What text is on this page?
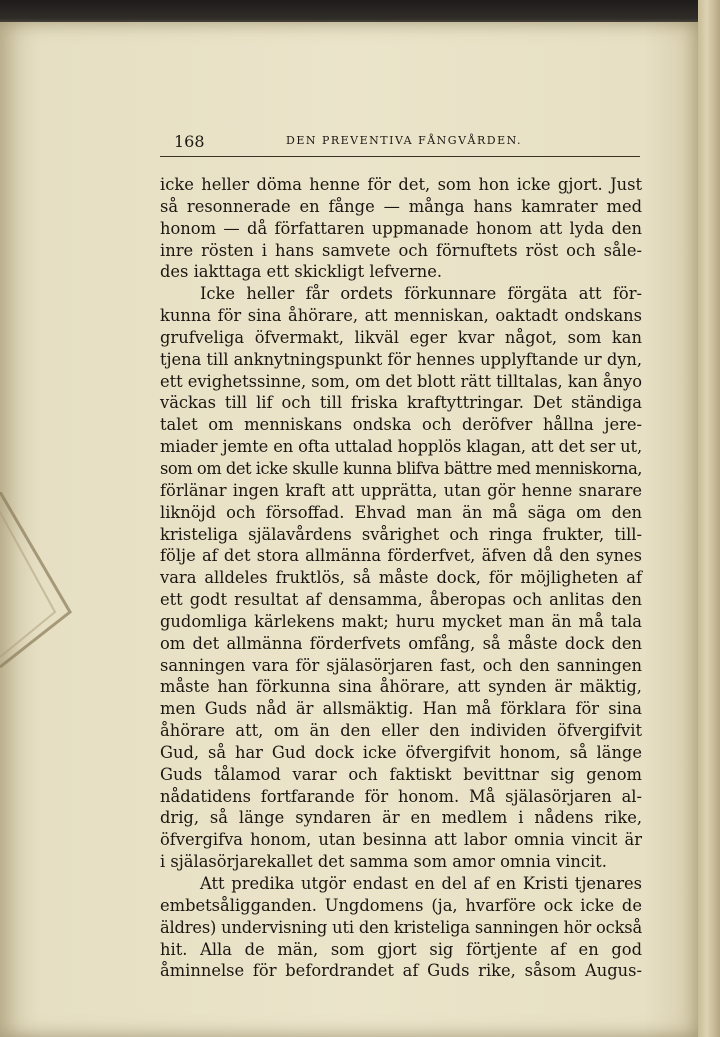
168	DEN PREVENTIVA FÅNGVÅRDEN.
icke heller döma henne för det, som hon icke gjort. Just
så resonnerade en fånge — många hans kamrater med
honom — då författaren uppmanade honom att lyda den
inre rösten i hans samvete och förnuftets röst och såle-
des iakttaga ett skickligt lefverne.
Icke heller får ordets förkunnare förgäta att för-
kunna för sina åhörare, att menniskan, oaktadt ondskans
grufveliga öfvermakt, likväl eger kvar något, som kan
tjena till anknytningspunkt för hennes upplyftande ur dyn,
ett evighetssinne, som, om det blott rätt tilltalas, kan ånyo
väckas till lif och till friska kraftyttringar. Det ständiga
talet om menniskans ondska och deröfver hållna jere-
miader jemte en ofta uttalad hopplös klagan, att det ser ut,
som om det icke skulle kunna blifva bättre med menniskorna,
förlänar ingen kraft att upprätta, utan gör henne snarare
liknöjd och försoffad. Ehvad man än må säga om den
kristeliga själavårdens svårighet och ringa frukter, till-
följe af det stora allmänna förderfvet, äfven då den synes
vara alldeles fruktlös, så måste dock, för möjligheten af
ett godt resultat af densamma, åberopas och anlitas den
gudomliga kärlekens makt; huru mycket man än må tala
om det allmänna förderfvets omfång, så måste dock den
sanningen vara för själasörjaren fast, och den sanningen
måste han förkunna sina åhörare, att synden är mäktig,
men Guds nåd är allsmäktig. Han må förklara för sina
åhörare att, om än den eller den individen öfvergifvit
Gud, så har Gud dock icke öfvergifvit honom, så länge
Guds tålamod varar och faktiskt bevittnar sig genom
nådatidens fortfarande för honom. Må själasörjaren al-
drig, så länge syndaren är en medlem i nådens rike,
öfvergifva honom, utan besinna att labor omnia vincit är
i själasörjarekallet det samma som amor omnia vincit.
Att predika utgör endast en del af en Kristi tjenares
embetsåligganden. Ungdomens (ja, hvarföre ock icke de
äldres) undervisning uti den kristeliga sanningen hör också
hit. Alla de män, som gjort sig förtjente af en god
åminnelse för befordrandet af Guds rike, såsom Augus-
